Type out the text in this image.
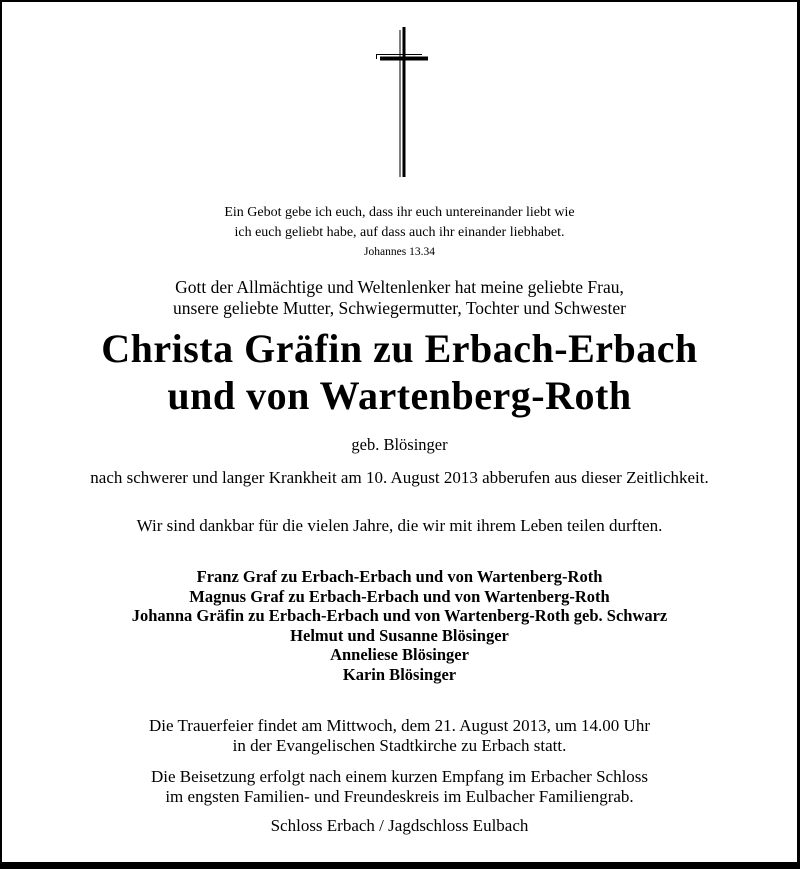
Ein Gebot gebe ich euch, dass ihr euch untereinander liebt wie
ich euch geliebt habe, auf dass auch ihr einander liebhabet.
Johannes 13.34
Gott der Allmächtige und Weltenlenker hat meine geliebte Frau,
unsere geliebte Mutter, Schwiegermutter, Tochter und Schwester
Christa Gräfin zu Erbach-Erbach
und von Wartenberg-Roth
geb. Blösinger
nach schwerer und langer Krankheit am 10. August 2013 abberufen aus dieser Zeitlichkeit.
Wir sind dankbar für die vielen Jahre, die wir mit ihrem Leben teilen durften.
Franz Graf zu Erbach-Erbach und von Wartenberg-Roth
Magnus Graf zu Erbach-Erbach und von Wartenberg-Roth
Johanna Gräfin zu Erbach-Erbach und von Wartenberg-Roth geb. Schwarz
Helmut und Susanne Blösinger
Anneliese Blösinger
Karin Blösinger
Die Trauerfeier findet am Mittwoch, dem 21. August 2013, um 14.00 Uhr
in der Evangelischen Stadtkirche zu Erbach statt.
Die Beisetzung erfolgt nach einem kurzen Empfang im Erbacher Schloss
im engsten Familien- und Freundeskreis im Eulbacher Familiengrab.
Schloss Erbach / Jagdschloss Eulbach
